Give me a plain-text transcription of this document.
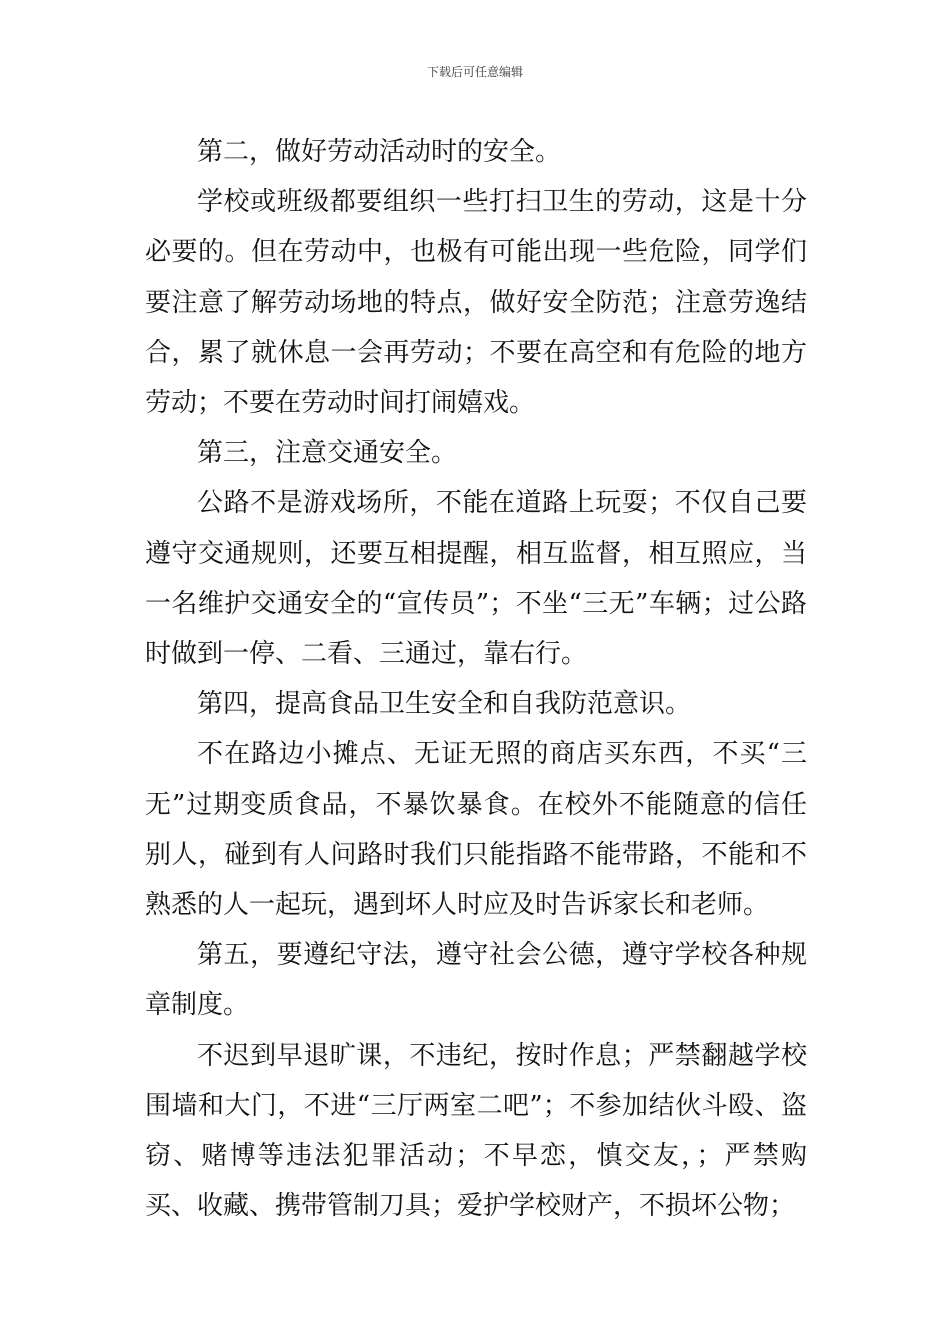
下载后可任意编辑

第二，做好劳动活动时的安全。

学校或班级都要组织一些打扫卫生的劳动，这是十分必要的。但在劳动中，也极有可能出现一些危险，同学们要注意了解劳动场地的特点，做好安全防范；注意劳逸结合，累了就休息一会再劳动；不要在高空和有危险的地方劳动；不要在劳动时间打闹嬉戏。

第三，注意交通安全。

公路不是游戏场所，不能在道路上玩耍；不仅自己要遵守交通规则，还要互相提醒，相互监督，相互照应，当一名维护交通安全的“宣传员”；不坐“三无”车辆；过公路时做到一停、二看、三通过，靠右行。

第四，提高食品卫生安全和自我防范意识。

不在路边小摊点、无证无照的商店买东西，不买“三无”过期变质食品，不暴饮暴食。在校外不能随意的信任别人，碰到有人问路时我们只能指路不能带路，不能和不熟悉的人一起玩，遇到坏人时应及时告诉家长和老师。

第五，要遵纪守法，遵守社会公德，遵守学校各种规章制度。

不迟到早退旷课，不违纪，按时作息；严禁翻越学校围墙和大门，不进“三厅两室二吧”；不参加结伙斗殴、盗窃、赌博等违法犯罪活动；不早恋，慎交友，；严禁购买、收藏、携带管制刀具；爱护学校财产，不损坏公物；
